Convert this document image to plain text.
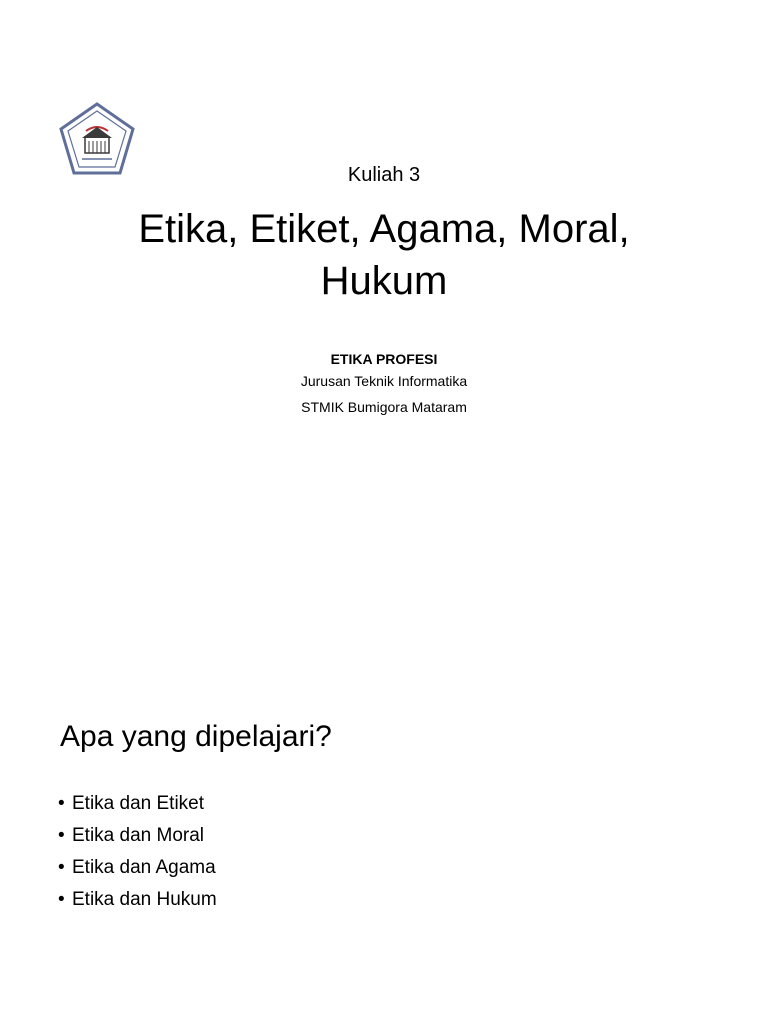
Kuliah 3
Etika, Etiket, Agama, Moral,
Hukum
ETIKA PROFESI
Jurusan Teknik Informatika
STMIK Bumigora Mataram
Apa yang dipelajari?
• Etika dan Etiket
• Etika dan Moral
• Etika dan Agama
• Etika dan Hukum
